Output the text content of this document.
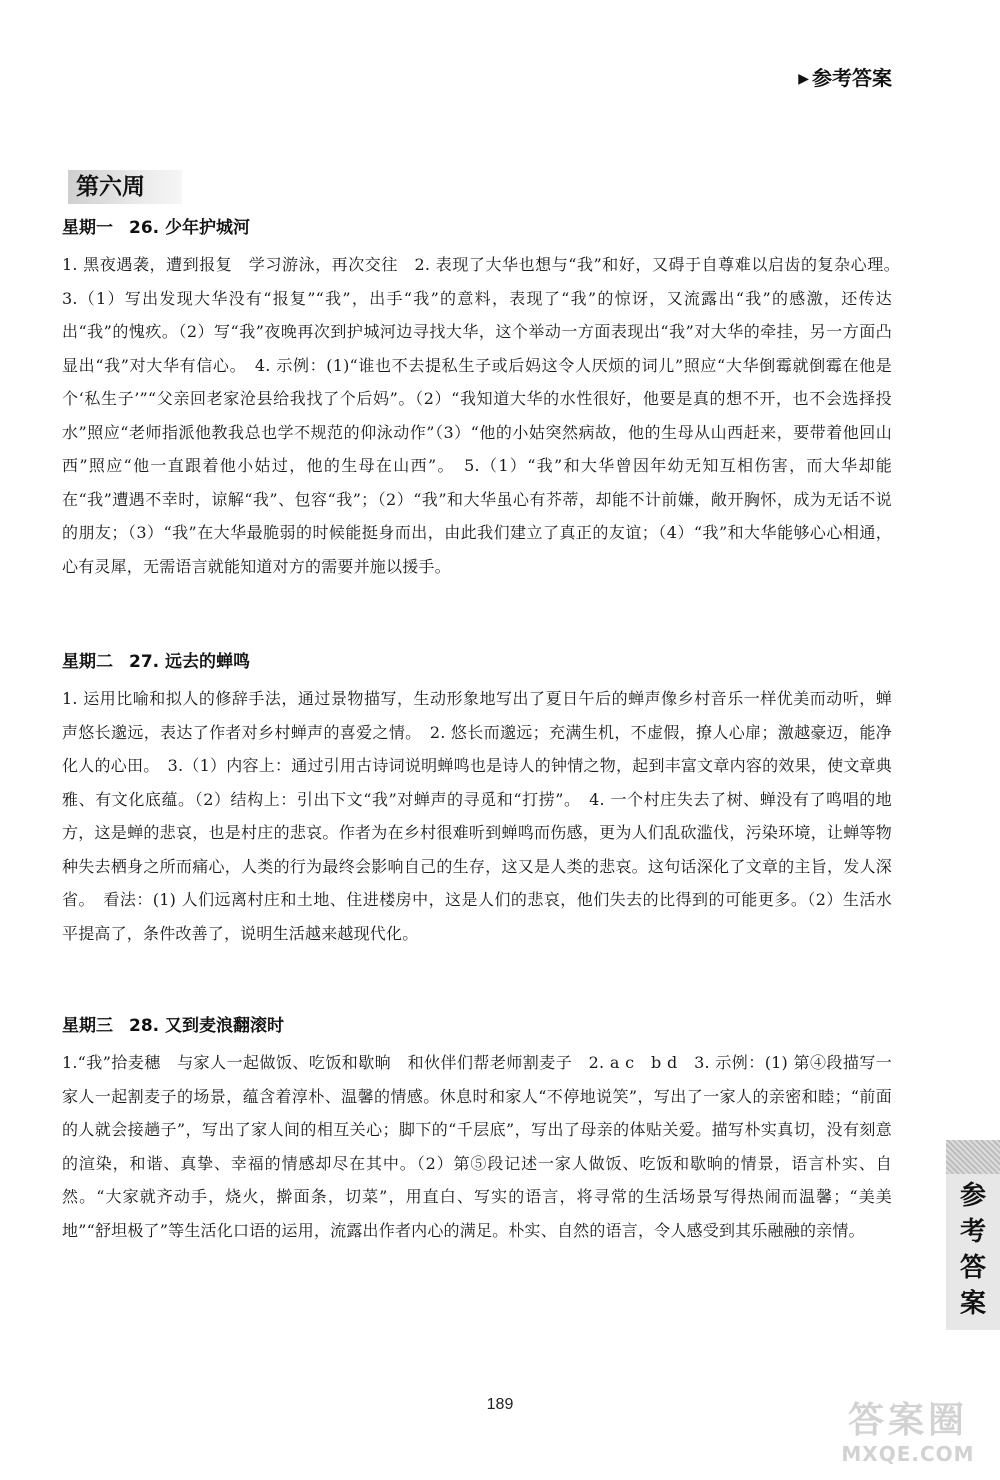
▶ 参考答案
第六周
星期一 26. 少年护城河

1. 黑夜遇袭，遭到报复　学习游泳，再次交往　2. 表现了大华也想与“我”和好，又碍于自尊难以启齿的复杂心理。　3.（1）写出发现大华没有“报复”“我”，出手“我”的意料，表现了“我”的惊讶，又流露出“我”的感激，还传达出“我”的愧疚。（2）写“我”夜晚再次到护城河边寻找大华，这个举动一方面表现出“我”对大华的牵挂，另一方面凸显出“我”对大华有信心。　4. 示例：(1)“谁也不去提私生子或后妈这令人厌烦的词儿”照应“大华倒霉就倒霉在他是个‘私生子’”“父亲回老家沧县给我找了个后妈”。（2）“我知道大华的水性很好，他要是真的想不开，也不会选择投水”照应“老师指派他教我总也学不规范的仰泳动作”（3）“他的小姑突然病故，他的生母从山西赶来，要带着他回山西”照应“他一直跟着他小姑过，他的生母在山西”。　5.（1）“我”和大华曾因年幼无知互相伤害，而大华却能在“我”遭遇不幸时，谅解“我”、包容“我”；（2）“我”和大华虽心有芥蒂，却能不计前嫌，敞开胸怀，成为无话不说的朋友；（3）“我”在大华最脆弱的时候能挺身而出，由此我们建立了真正的友谊；（4）“我”和大华能够心心相通，心有灵犀，无需语言就能知道对方的需要并施以援手。

星期二 27. 远去的蝉鸣

1. 运用比喻和拟人的修辞手法，通过景物描写，生动形象地写出了夏日午后的蝉声像乡村音乐一样优美而动听，蝉声悠长邈远，表达了作者对乡村蝉声的喜爱之情。　2. 悠长而邈远；充满生机，不虚假，撩人心扉；激越豪迈，能净化人的心田。　3.（1）内容上：通过引用古诗词说明蝉鸣也是诗人的钟情之物，起到丰富文章内容的效果，使文章典雅、有文化底蕴。（2）结构上：引出下文“我”对蝉声的寻觅和“打捞”。　4. 一个村庄失去了树、蝉没有了鸣唱的地方，这是蝉的悲哀，也是村庄的悲哀。作者为在乡村很难听到蝉鸣而伤感，更为人们乱砍滥伐，污染环境，让蝉等物种失去栖身之所而痛心，人类的行为最终会影响自己的生存，这又是人类的悲哀。这句话深化了文章的主旨，发人深省。　看法：(1) 人们远离村庄和土地、住进楼房中，这是人们的悲哀，他们失去的比得到的可能更多。（2）生活水平提高了，条件改善了，说明生活越来越现代化。

星期三 28. 又到麦浪翻滚时

1.“我”拾麦穗　与家人一起做饭、吃饭和歇晌　和伙伴们帮老师割麦子　2. a c　b d　3. 示例：(1) 第④段描写一家人一起割麦子的场景，蕴含着淳朴、温馨的情感。休息时和家人“不停地说笑”，写出了一家人的亲密和睦；“前面的人就会接趟子”，写出了家人间的相互关心；脚下的“千层底”，写出了母亲的体贴关爱。描写朴实真切，没有刻意的渲染，和谐、真挚、幸福的情感却尽在其中。（2）第⑤段记述一家人做饭、吃饭和歇晌的情景，语言朴实、自然。“大家就齐动手，烧火，擀面条，切菜”，用直白、写实的语言，将寻常的生活场景写得热闹而温馨；“美美地”“舒坦极了”等生活化口语的运用，流露出作者内心的满足。朴实、自然的语言，令人感受到其乐融融的亲情。

参
考
答
案
189	答案圈
MXQE.COM
